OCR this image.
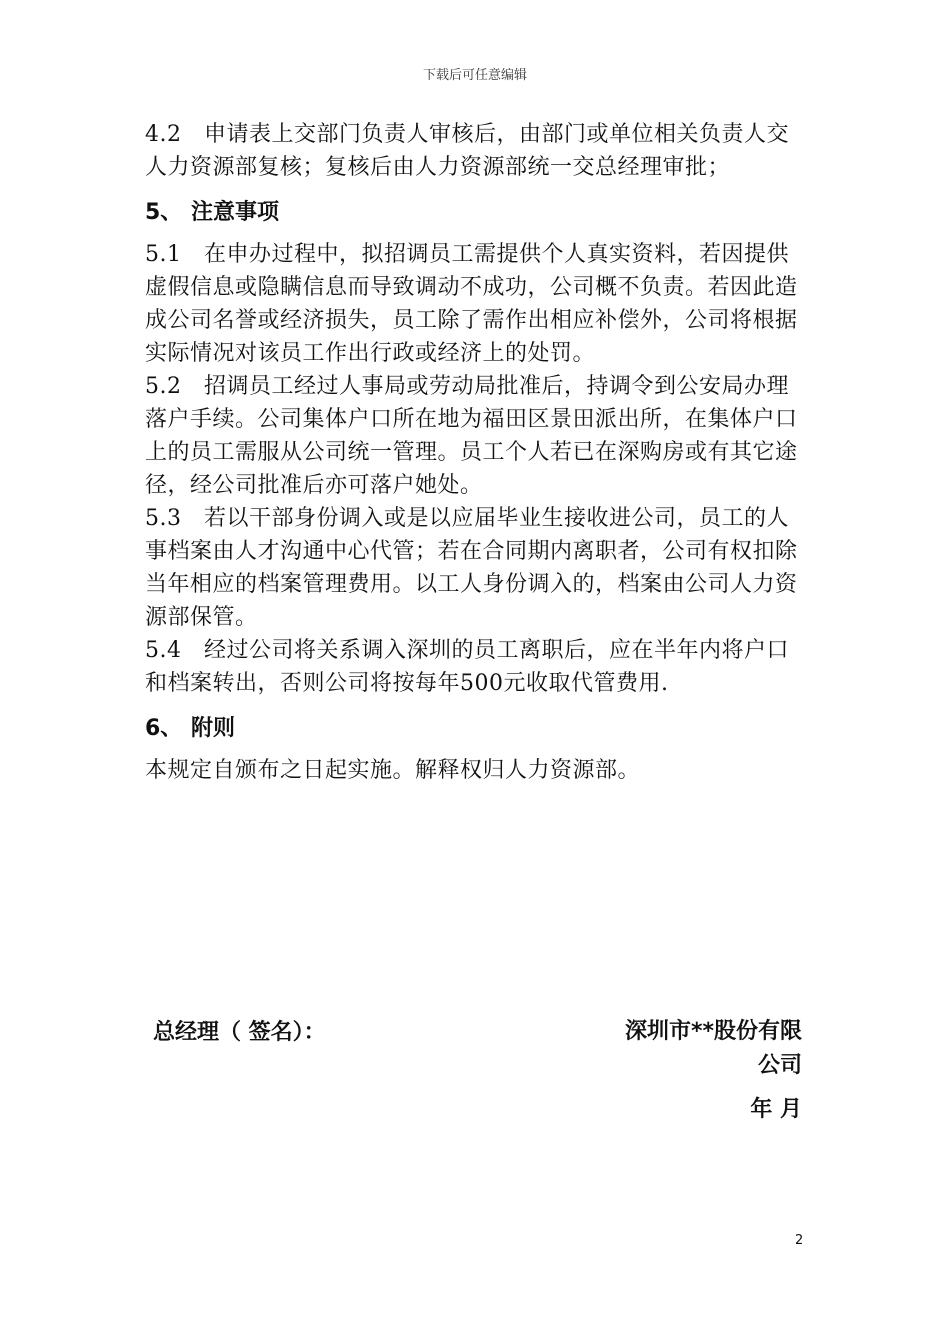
下载后可任意编辑

4.2　申请表上交部门负责人审核后，由部门或单位相关负责人交人力资源部复核；复核后由人力资源部统一交总经理审批；

5、 注意事项

5.1　在申办过程中，拟招调员工需提供个人真实资料，若因提供虚假信息或隐瞒信息而导致调动不成功，公司概不负责。若因此造成公司名誉或经济损失，员工除了需作出相应补偿外，公司将根据实际情况对该员工作出行政或经济上的处罚。

5.2　招调员工经过人事局或劳动局批准后，持调令到公安局办理落户手续。公司集体户口所在地为福田区景田派出所，在集体户口上的员工需服从公司统一管理。员工个人若已在深购房或有其它途径，经公司批准后亦可落户她处。

5.3　若以干部身份调入或是以应届毕业生接收进公司，员工的人事档案由人才沟通中心代管；若在合同期内离职者，公司有权扣除当年相应的档案管理费用。以工人身份调入的，档案由公司人力资源部保管。

5.4　经过公司将关系调入深圳的员工离职后，应在半年内将户口和档案转出，否则公司将按每年500元收取代管费用.

6、 附则

本规定自颁布之日起实施。解释权归人力资源部。

总经理（ 签名）：	深圳市**股份有限
公司
年 月
2
